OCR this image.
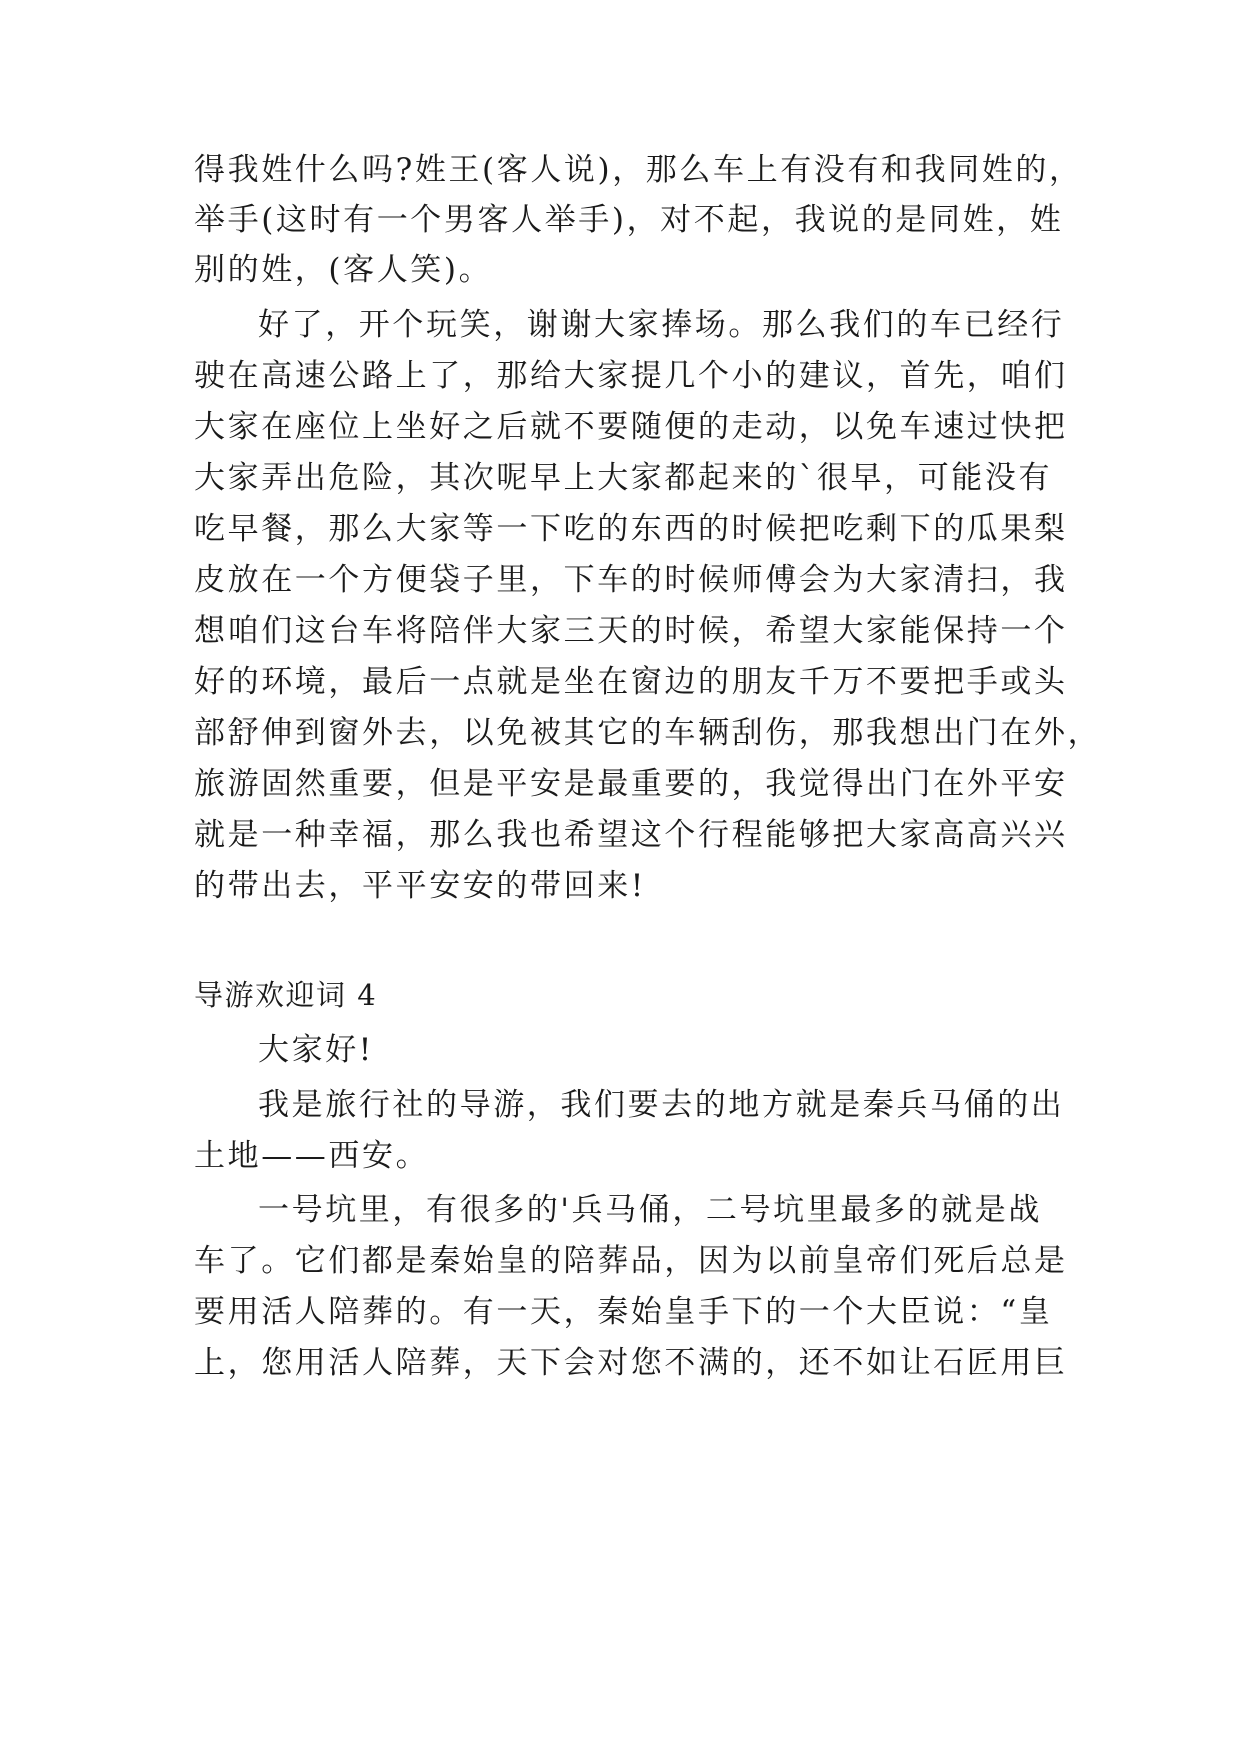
得我姓什么吗?姓王(客人说)，那么车上有没有和我同姓的，
举手(这时有一个男客人举手)，对不起，我说的是同姓，姓
别的姓，(客人笑)。
好了，开个玩笑，谢谢大家捧场。那么我们的车已经行
驶在高速公路上了，那给大家提几个小的建议，首先，咱们
大家在座位上坐好之后就不要随便的走动，以免车速过快把
大家弄出危险，其次呢早上大家都起来的`很早，可能没有
吃早餐，那么大家等一下吃的东西的时候把吃剩下的瓜果梨
皮放在一个方便袋子里，下车的时候师傅会为大家清扫，我
想咱们这台车将陪伴大家三天的时候，希望大家能保持一个
好的环境，最后一点就是坐在窗边的朋友千万不要把手或头
部舒伸到窗外去，以免被其它的车辆刮伤，那我想出门在外，
旅游固然重要，但是平安是最重要的，我觉得出门在外平安
就是一种幸福，那么我也希望这个行程能够把大家高高兴兴
的带出去，平平安安的带回来!
导游欢迎词 4
大家好!
我是旅行社的导游，我们要去的地方就是秦兵马俑的出
土地——西安。
一号坑里，有很多的'兵马俑，二号坑里最多的就是战
车了。它们都是秦始皇的陪葬品，因为以前皇帝们死后总是
要用活人陪葬的。有一天，秦始皇手下的一个大臣说：“皇
上，您用活人陪葬，天下会对您不满的，还不如让石匠用巨
